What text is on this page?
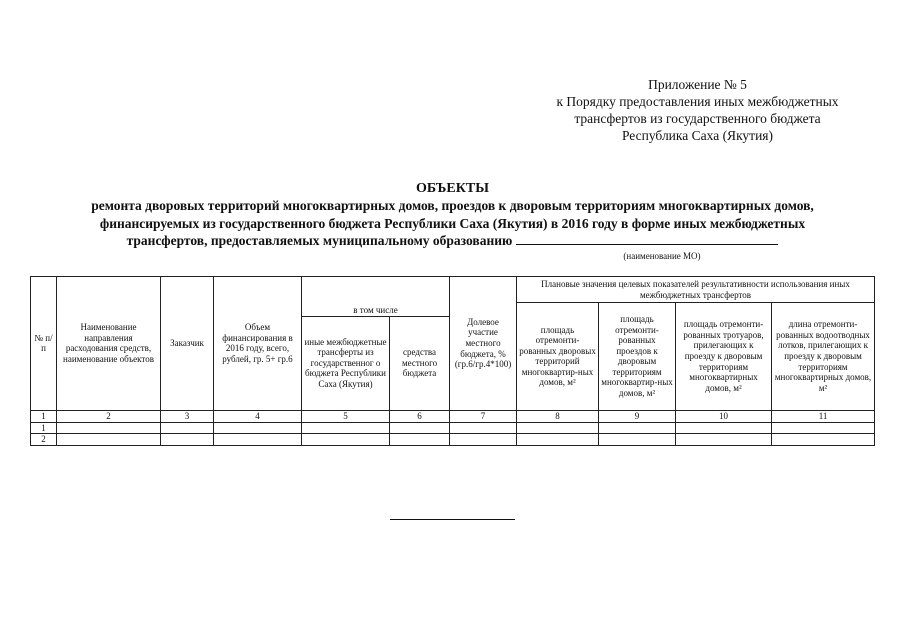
Приложение № 5
к Порядку предоставления иных межбюджетных
трансфертов из государственного бюджета
Республика Саха (Якутия)
ОБЪЕКТЫ
ремонта дворовых территорий многоквартирных домов, проездов к дворовым территориям многоквартирных домов,
финансируемых из государственного бюджета Республики Саха (Якутия) в 2016 году в форме иных межбюджетных
трансфертов, предоставляемых муниципальному образованию
(наименование МО)
№ п/п	Наименование направления расходования средств, наименование объектов	Заказчик	Объем финансирования в 2016 году, всего, рублей, гр. 5+ гр.6	в том числе		Долевое участие местного бюджета, % (гр.6/гр.4*100)	Плановые значения целевых показателей результативности использования иных межбюджетных трансфертов			
							площадь отремонти-рованных дворовых территорий многоквартир-ных домов, м²	площадь отремонти-рованных проездов к дворовым территориям многоквартир-ных домов, м²	площадь отремонти-рованных тротуаров, прилегающих к проезду к дворовым территориям многоквартирных домов, м²	длина отремонти-рованных водоотводных лотков, прилегающих к проезду к дворовым территориям многоквартирных домов, м²
				иные межбюджетные трансферты из государственног о бюджета Республики Саха (Якутия)	средства местного бюджета					
1	2	3	4	5	6	7	8	9	10	11
1										
2										
